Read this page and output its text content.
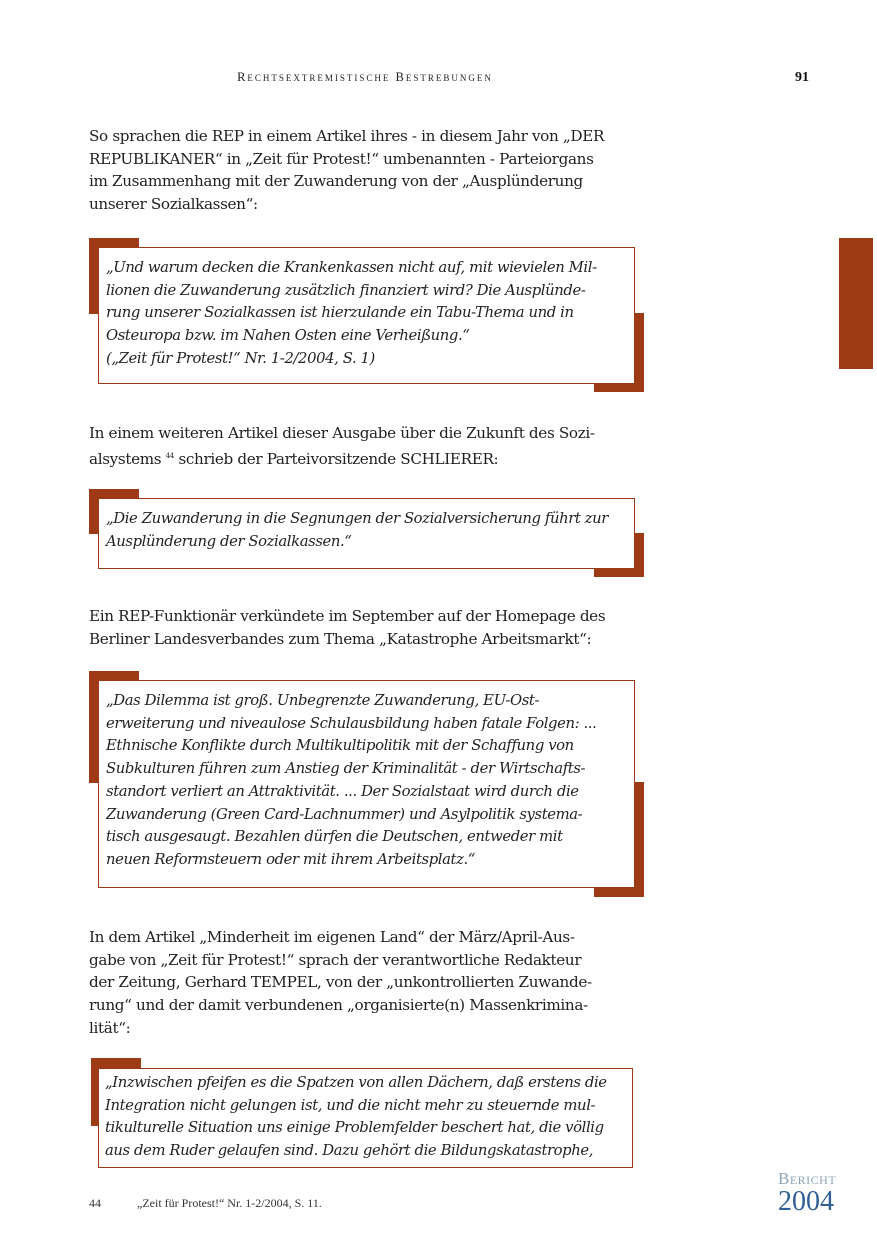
Rechtsextremistische Bestrebungen	91

So sprachen die REP in einem Artikel ihres - in diesem Jahr von „DER
REPUBLIKANER“ in „Zeit für Protest!“ umbenannten - Parteiorgans
im Zusammenhang mit der Zuwanderung von der „Ausplünderung
unserer Sozialkassen“:

„Und warum decken die Krankenkassen nicht auf, mit wievielen Mil-
lionen die Zuwanderung zusätzlich finanziert wird? Die Ausplünde-
rung unserer Sozialkassen ist hierzulande ein Tabu-Thema und in
Osteuropa bzw. im Nahen Osten eine Verheißung.“
(„Zeit für Protest!“ Nr. 1-2/2004, S. 1)

In einem weiteren Artikel dieser Ausgabe über die Zukunft des Sozi-
alsystems $^{44}$ schrieb der Parteivorsitzende SCHLIERER:

„Die Zuwanderung in die Segnungen der Sozialversicherung führt zur
Ausplünderung der Sozialkassen.“

Ein REP-Funktionär verkündete im September auf der Homepage des
Berliner Landesverbandes zum Thema „Katastrophe Arbeitsmarkt“:

„Das Dilemma ist groß. Unbegrenzte Zuwanderung, EU-Ost-
erweiterung und niveaulose Schulausbildung haben fatale Folgen: ...
Ethnische Konflikte durch Multikultipolitik mit der Schaffung von
Subkulturen führen zum Anstieg der Kriminalität - der Wirtschafts-
standort verliert an Attraktivität. ... Der Sozialstaat wird durch die
Zuwanderung (Green Card-Lachnummer) und Asylpolitik systema-
tisch ausgesaugt. Bezahlen dürfen die Deutschen, entweder mit
neuen Reformsteuern oder mit ihrem Arbeitsplatz.“

In dem Artikel „Minderheit im eigenen Land“ der März/April-Aus-
gabe von „Zeit für Protest!“ sprach der verantwortliche Redakteur
der Zeitung, Gerhard TEMPEL, von der „unkontrollierten Zuwande-
rung“ und der damit verbundenen „organisierte(n) Massenkrimina-
lität“:

„Inzwischen pfeifen es die Spatzen von allen Dächern, daß erstens die
Integration nicht gelungen ist, und die nicht mehr zu steuernde mul-
tikulturelle Situation uns einige Problemfelder beschert hat, die völlig
aus dem Ruder gelaufen sind. Dazu gehört die Bildungskatastrophe,

44	„Zeit für Protest!“ Nr. 1-2/2004, S. 11.
Bericht
2004
